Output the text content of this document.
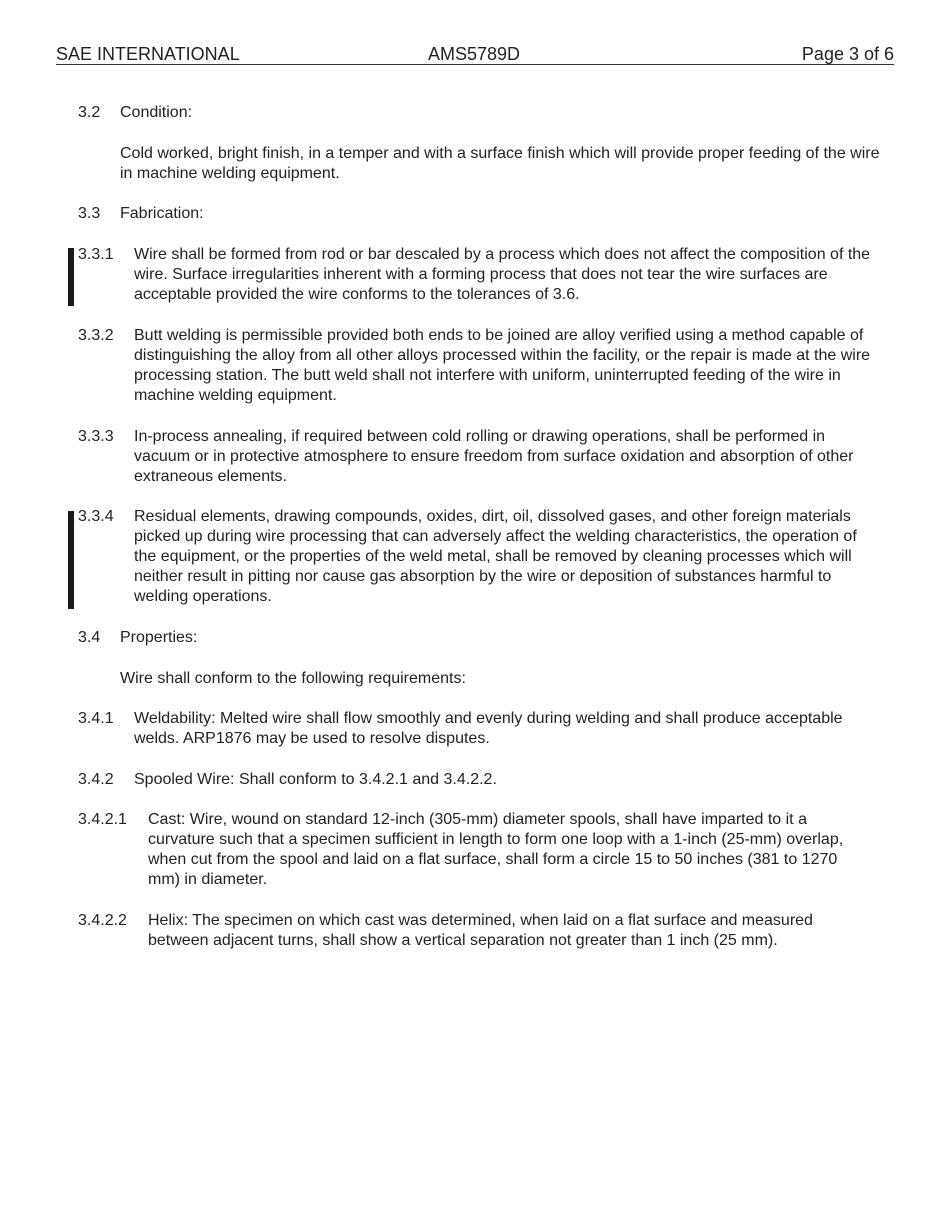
SAE INTERNATIONAL	AMS5789D	Page 3 of 6
3.2 Condition:
Cold worked, bright finish, in a temper and with a surface finish which will provide proper feeding of the wire in machine welding equipment.
3.3 Fabrication:
3.3.1 Wire shall be formed from rod or bar descaled by a process which does not affect the composition of the wire. Surface irregularities inherent with a forming process that does not tear the wire surfaces are acceptable provided the wire conforms to the tolerances of 3.6.
3.3.2 Butt welding is permissible provided both ends to be joined are alloy verified using a method capable of distinguishing the alloy from all other alloys processed within the facility, or the repair is made at the wire processing station. The butt weld shall not interfere with uniform, uninterrupted feeding of the wire in machine welding equipment.
3.3.3 In-process annealing, if required between cold rolling or drawing operations, shall be performed in vacuum or in protective atmosphere to ensure freedom from surface oxidation and absorption of other extraneous elements.
3.3.4 Residual elements, drawing compounds, oxides, dirt, oil, dissolved gases, and other foreign materials picked up during wire processing that can adversely affect the welding characteristics, the operation of the equipment, or the properties of the weld metal, shall be removed by cleaning processes which will neither result in pitting nor cause gas absorption by the wire or deposition of substances harmful to welding operations.
3.4 Properties:
Wire shall conform to the following requirements:
3.4.1 Weldability: Melted wire shall flow smoothly and evenly during welding and shall produce acceptable welds. ARP1876 may be used to resolve disputes.
3.4.2 Spooled Wire: Shall conform to 3.4.2.1 and 3.4.2.2.
3.4.2.1 Cast: Wire, wound on standard 12-inch (305-mm) diameter spools, shall have imparted to it a curvature such that a specimen sufficient in length to form one loop with a 1-inch (25-mm) overlap, when cut from the spool and laid on a flat surface, shall form a circle 15 to 50 inches (381 to 1270 mm) in diameter.
3.4.2.2 Helix: The specimen on which cast was determined, when laid on a flat surface and measured between adjacent turns, shall show a vertical separation not greater than 1 inch (25 mm).
